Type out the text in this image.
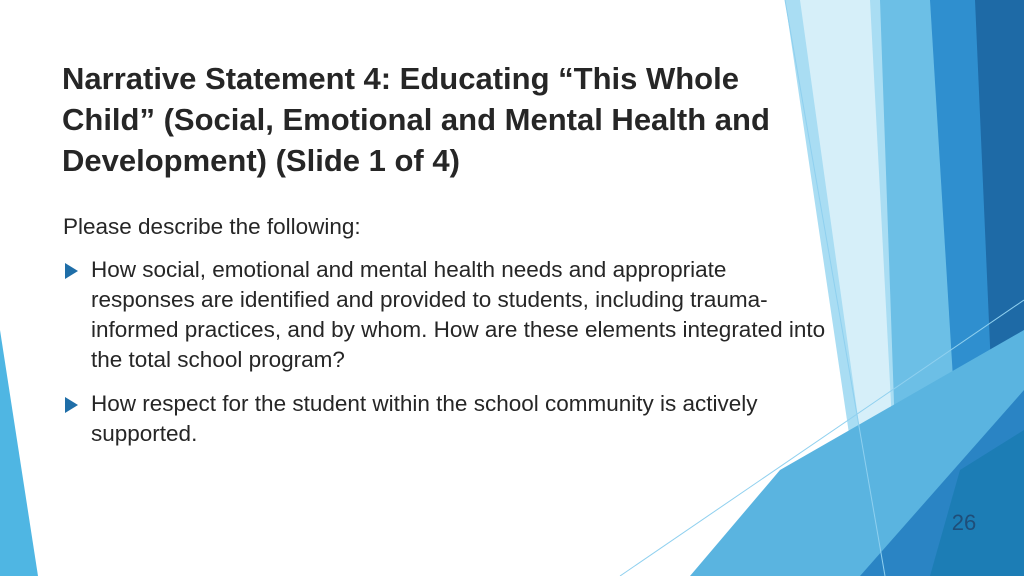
Narrative Statement 4: Educating “This Whole Child” (Social, Emotional and Mental Health and Development) (Slide 1 of 4)

Please describe the following:

How social, emotional and mental health needs and appropriate responses are identified and provided to students, including trauma-informed practices, and by whom. How are these elements integrated into the total school program?
How respect for the student within the school community is actively supported.
26
